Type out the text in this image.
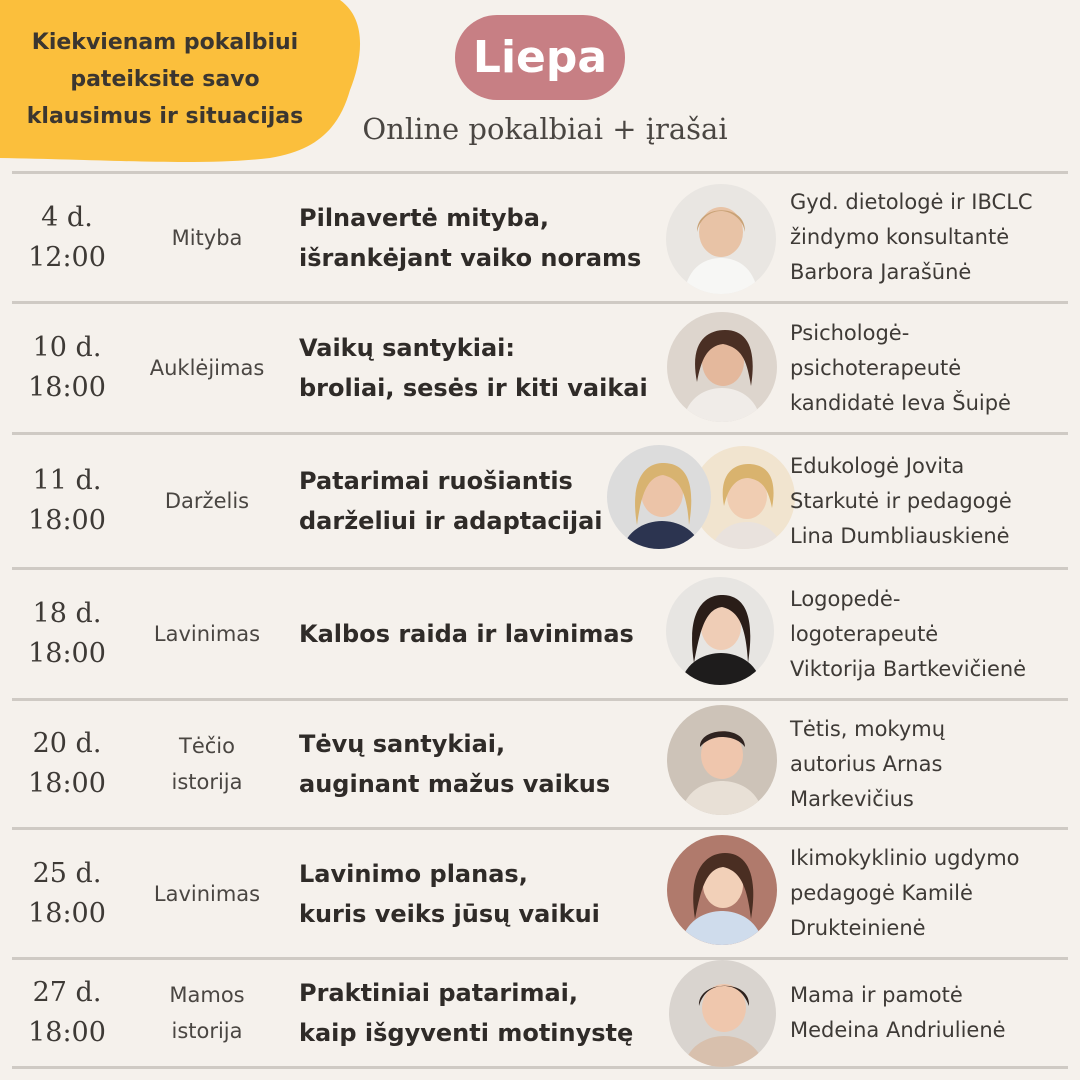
Kiekvienam pokalbiui
pateiksite savo
klausimus ir situacijas
Liepa
Online pokalbiai + įrašai
4 d.
12:00
Mityba
Pilnavertė mityba,
išrankėjant vaiko norams
Gyd. dietologė ir IBCLC
žindymo konsultantė
Barbora Jarašūnė
10 d.
18:00
Auklėjimas
Vaikų santykiai:
broliai, sesės ir kiti vaikai
Psichologė-
psichoterapeutė
kandidatė Ieva Šuipė
11 d.
18:00
Darželis
Patarimai ruošiantis
darželiui ir adaptacijai
Edukologė Jovita
Starkutė ir pedagogė
Lina Dumbliauskienė
18 d.
18:00
Lavinimas Kalbos raida ir lavinimas
Logopedė-
logoterapeutė
Viktorija Bartkevičienė
20 d.
18:00
Tėčio
istorija
Tėvų santykiai,
auginant mažus vaikus
Tėtis, mokymų
autorius Arnas
Markevičius
25 d.
18:00
Lavinimas
Lavinimo planas,
kuris veiks jūsų vaikui
Ikimokyklinio ugdymo
pedagogė Kamilė
Drukteinienė
27 d.
18:00
Mamos
istorija
Praktiniai patarimai,
kaip išgyventi motinystę
Mama ir pamotė
Medeina Andriulienė
